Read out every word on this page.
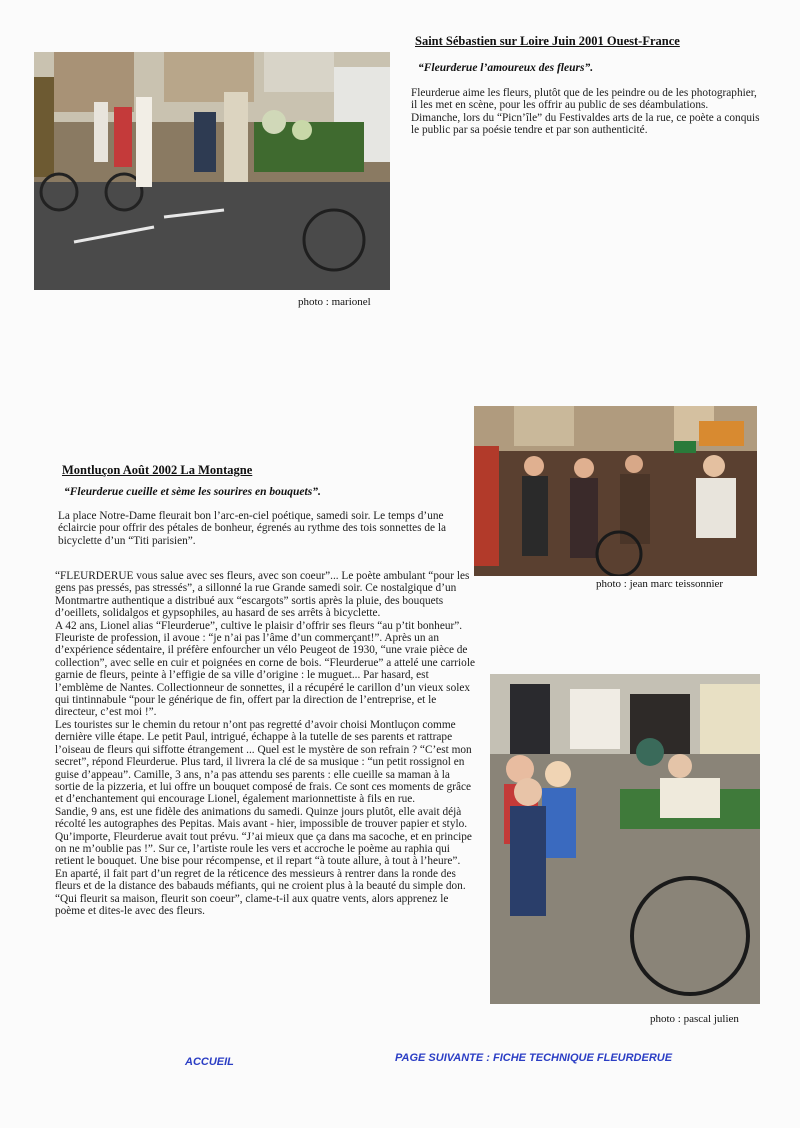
photo : marionel
Saint Sébastien sur Loire Juin 2001 Ouest-France
“Fleurderue l’amoureux des fleurs”.

Fleurderue aime les fleurs, plutôt que de les peindre ou de les photographier, il les met en scène, pour les offrir au public de ses déambulations.
Dimanche, lors du “Picn’île” du Festivaldes arts de la rue, ce poète a conquis le public par sa poésie tendre et par son authenticité.

photo : jean marc teissonnier
Montluçon Août 2002 La Montagne
“Fleurderue cueille et sème les sourires en bouquets”.

La place Notre-Dame fleurait bon l’arc-en-ciel poétique, samedi soir. Le temps d’une éclaircie pour offrir des pétales de bonheur, égrenés au rythme des tois sonnettes de la bicyclette d’un “Titi parisien”.

“FLEURDERUE vous salue avec ses fleurs, avec son coeur”... Le poète ambulant “pour les gens pas pressés, pas stressés”, a sillonné la rue Grande samedi soir. Ce nostalgique d’un Montmartre authentique a distribué aux “escargots” sortis après la pluie, des bouquets d’oeillets, solidalgos et gypsophiles, au hasard de ses arrêts à bicyclette.
A 42 ans, Lionel alias “Fleurderue”, cultive le plaisir d’offrir ses fleurs “au p’tit bonheur”. Fleuriste de profession, il avoue : “je n’ai pas l’âme d’un commerçant!”. Après un an d’expérience sédentaire, il préfère enfourcher un vélo Peugeot de 1930, “une vraie pièce de collection”, avec selle en cuir et poignées en corne de bois. “Fleurderue” a attelé une carriole garnie de fleurs, peinte à l’effigie de sa ville d’origine : le muguet... Par hasard, est l’emblème de Nantes. Collectionneur de sonnettes, il a récupéré le carillon d’un vieux solex qui tintinnabule “pour le générique de fin, offert par la direction de l’entreprise, et le directeur, c’est moi !”.
Les touristes sur le chemin du retour n’ont pas regretté d’avoir choisi Montluçon comme dernière ville étape. Le petit Paul, intrigué, échappe à la tutelle de ses parents et rattrape l’oiseau de fleurs qui siffotte étrangement ... Quel est le mystère de son refrain ? “C’est mon secret”, répond Fleurderue. Plus tard, il livrera la clé de sa musique : “un petit rossignol en guise d’appeau”. Camille, 3 ans, n’a pas attendu ses parents : elle cueille sa maman à la sortie de la pizzeria, et lui offre un bouquet composé de frais. Ce sont ces moments de grâce et d’enchantement qui encourage Lionel, également marionnettiste à fils en rue.
Sandie, 9 ans, est une fidèle des animations du samedi. Quinze jours plutôt, elle avait déjà récolté les autographes des Pepitas. Mais avant - hier, impossible de trouver papier et stylo. Qu’importe, Fleurderue avait tout prévu. “J’ai mieux que ça dans ma sacoche, et en principe on ne m’oublie pas !”. Sur ce, l’artiste roule les vers et accroche le poème au raphia qui retient le bouquet. Une bise pour récompense, et il repart “à toute allure, à tout à l’heure”.
En aparté, il fait part d’un regret de la réticence des messieurs à rentrer dans la ronde des fleurs et de la distance des babauds méfiants, qui ne croient plus à la beauté du simple don. “Qui fleurit sa maison, fleurit son coeur”, clame-t-il aux quatre vents, alors apprenez le poème et dites-le avec des fleurs.

photo : pascal julien
ACCUEIL	PAGE SUIVANTE : FICHE TECHNIQUE FLEURDERUE
